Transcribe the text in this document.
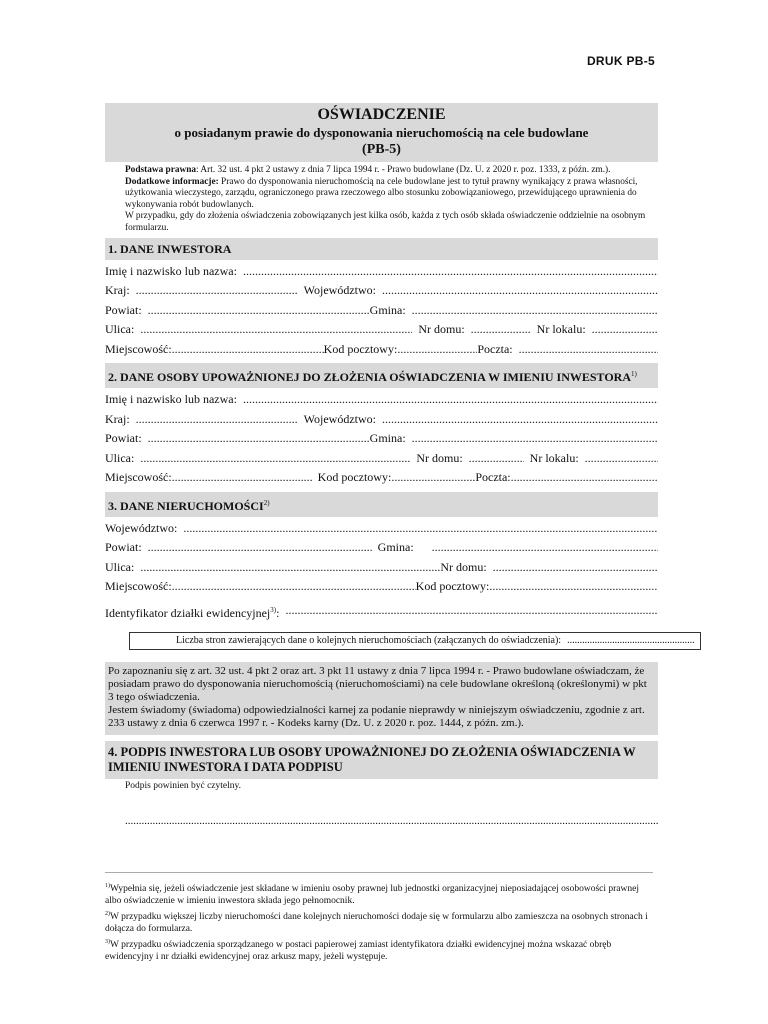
DRUK PB-5
OŚWIADCZENIE
o posiadanym prawie do dysponowania nieruchomością na cele budowlane
(PB-5)

Podstawa prawna: Art. 32 ust. 4 pkt 2 ustawy z dnia 7 lipca 1994 r. - Prawo budowlane (Dz. U. z 2020 r. poz. 1333, z późn. zm.). Dodatkowe informacje: Prawo do dysponowania nieruchomością na cele budowlane jest to tytuł prawny wynikający z prawa własności, użytkowania wieczystego, zarządu, ograniczonego prawa rzeczowego albo stosunku zobowiązaniowego, przewidującego uprawnienia do wykonywania robót budowlanych.

W przypadku, gdy do złożenia oświadczenia zobowiązanych jest kilka osób, każda z tych osób składa oświadczenie oddzielnie na osobnym formularzu.

1. DANE INWESTORA
Imię i nazwisko lub nazwa:
.....
Kraj: .....	Województwo:
.....
Powiat: .....	Gmina:
.....
Ulica: .....	Nr domu: .....	Nr lokalu:
.....
Miejscowość: .....	Kod pocztowy: .....	Poczta:
.....
2. DANE OSOBY UPOWAŻNIONEJ DO ZŁOŻENIA OŚWIADCZENIA W IMIENIU INWESTORA$^{1)}$
Imię i nazwisko lub nazwa:
.....
Kraj: .....	Województwo:
.....
Powiat: .....	Gmina:
.....
Ulica: .....	Nr domu: .....	Nr lokalu:
.....
Miejscowość: .....	Kod pocztowy: .....	Poczta:
.....
3. DANE NIERUCHOMOŚCI$^{2)}$
Województwo:
.....
Powiat: .....	Gmina:
.....
Ulica: .....	Nr domu:
.....
Miejscowość: .....	Kod pocztowy:
.....
Identyfikator działki ewidencyjnej$^{3)}$:
.....
Liczba stron zawierających dane o kolejnych nieruchomościach (załączanych do oświadczenia):
.....

Po zapoznaniu się z art. 32 ust. 4 pkt 2 oraz art. 3 pkt 11 ustawy z dnia 7 lipca 1994 r. - Prawo budowlane oświadczam, że posiadam prawo do dysponowania nieruchomością (nieruchomościami) na cele budowlane określoną (określonymi) w pkt 3 tego oświadczenia.

Jestem świadomy (świadoma) odpowiedzialności karnej za podanie nieprawdy w niniejszym oświadczeniu, zgodnie z art. 233 ustawy z dnia 6 czerwca 1997 r. - Kodeks karny (Dz. U. z 2020 r. poz. 1444, z późn. zm.).

4. PODPIS INWESTORA LUB OSOBY UPOWAŻNIONEJ DO ZŁOŻENIA OŚWIADCZENIA W IMIENIU INWESTORA I DATA PODPISU
Podpis powinien być czytelny.
.....

$^{1)}$Wypełnia się, jeżeli oświadczenie jest składane w imieniu osoby prawnej lub jednostki organizacyjnej nieposiadającej osobowości prawnej

albo oświadczenie w imieniu inwestora składa jego pełnomocnik.

$^{2)}$W przypadku większej liczby nieruchomości dane kolejnych nieruchomości dodaje się w formularzu albo zamieszcza na osobnych stronach i dołącza do formularza.

$^{3)}$W przypadku oświadczenia sporządzanego w postaci papierowej zamiast identyfikatora działki ewidencyjnej można wskazać obręb ewidencyjny i nr działki ewidencyjnej oraz arkusz mapy, jeżeli występuje.
